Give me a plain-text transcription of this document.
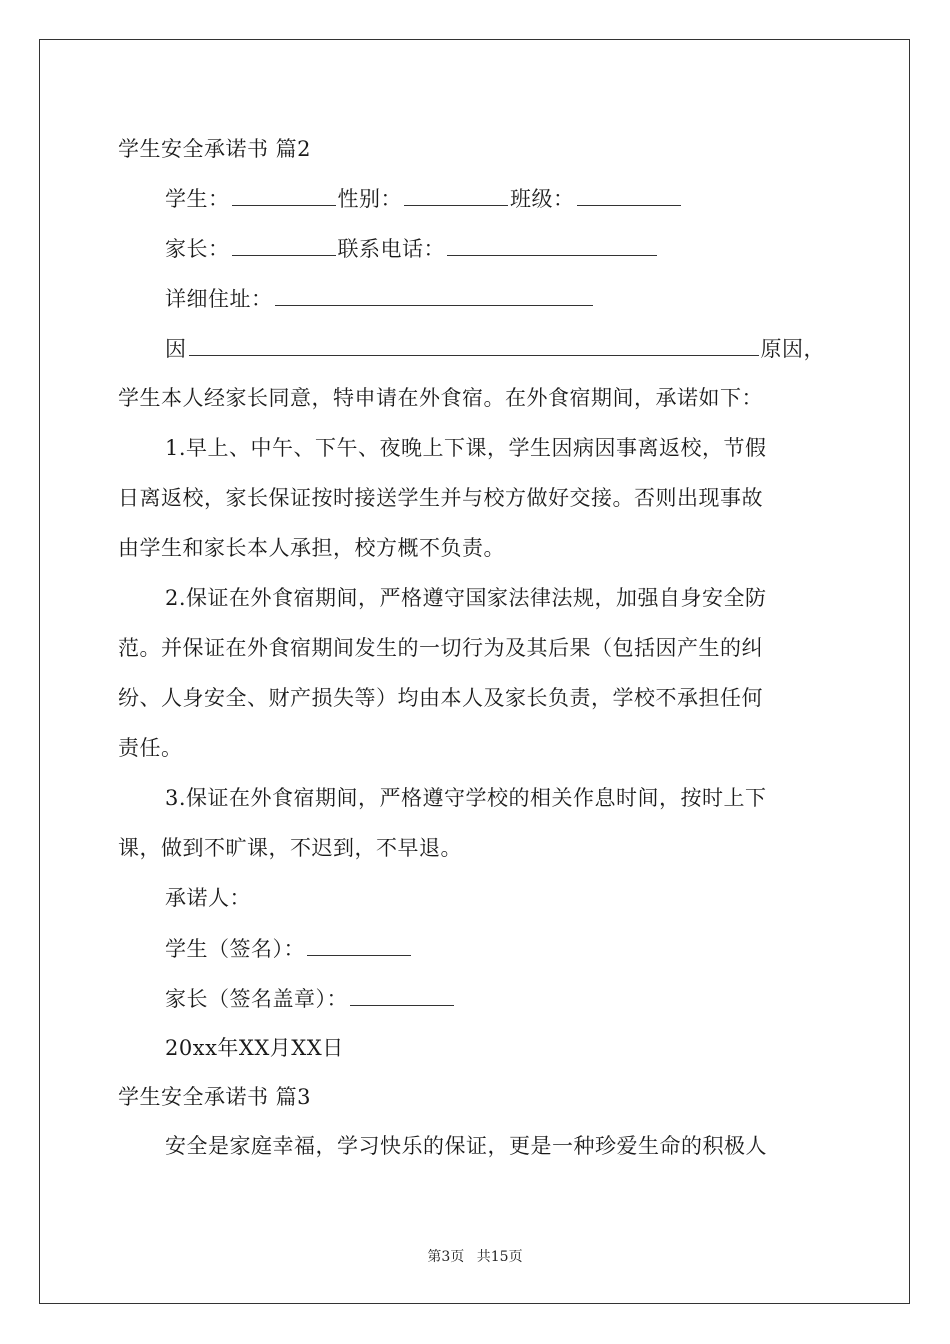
学生安全承诺书 篇2
学生：	性别：	班级：
家长：	联系电话：
详细住址：
因	原因，
学生本人经家长同意，特申请在外食宿。在外食宿期间，承诺如下：
1.早上、中午、下午、夜晚上下课，学生因病因事离返校，节假
日离返校，家长保证按时接送学生并与校方做好交接。否则出现事故
由学生和家长本人承担，校方概不负责。
2.保证在外食宿期间，严格遵守国家法律法规，加强自身安全防
范。并保证在外食宿期间发生的一切行为及其后果（包括因产生的纠
纷、人身安全、财产损失等）均由本人及家长负责，学校不承担任何
责任。
3.保证在外食宿期间，严格遵守学校的相关作息时间，按时上下
课，做到不旷课，不迟到，不早退。
承诺人：
学生（签名）：
家长（签名盖章）：
20xx年XX月XX日
学生安全承诺书 篇3
安全是家庭幸福，学习快乐的保证，更是一种珍爱生命的积极人
第3页 共15页
